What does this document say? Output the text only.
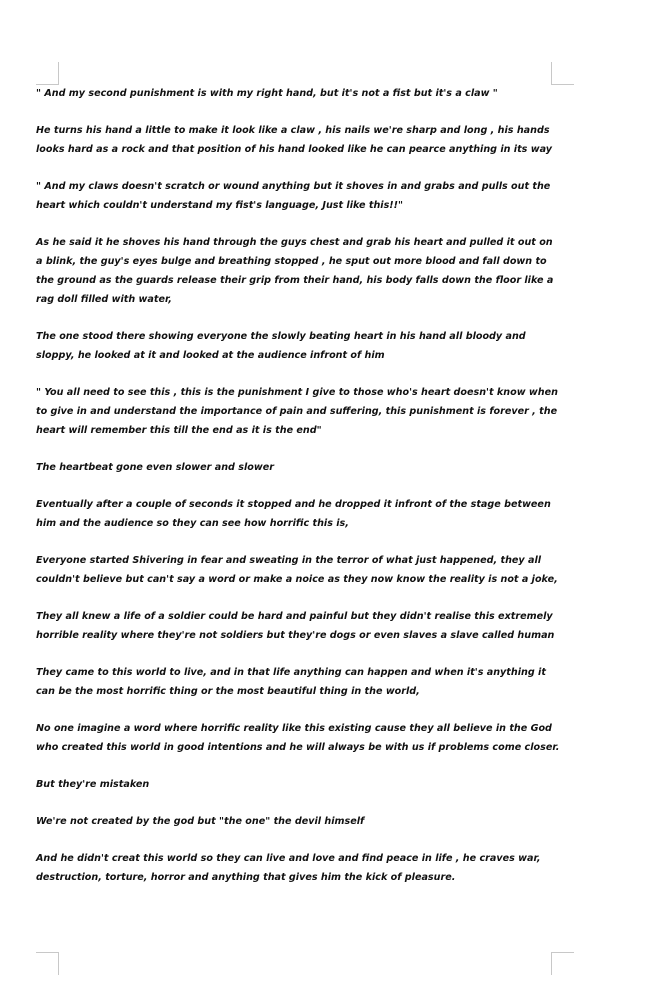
" And my second punishment is with my right hand, but it's not a fist but it's a claw "

He turns his hand a little to make it look like a claw , his nails we're sharp and long , his hands looks hard as a rock and that position of his hand looked like he can pearce anything in its way

" And my claws doesn't scratch or wound anything but it shoves in and grabs and pulls out the heart which couldn't understand my fist's language, Just like this!!"

As he said it he shoves his hand through the guys chest and grab his heart and pulled it out on a blink, the guy's eyes bulge and breathing stopped , he sput out more blood and fall down to the ground as the guards release their grip from their hand, his body falls down the floor like a rag doll filled with water,

The one stood there showing everyone the slowly beating heart in his hand all bloody and sloppy, he looked at it and looked at the audience infront of him

" You all need to see this , this is the punishment I give to those who's heart doesn't know when to give in and understand the importance of pain and suffering, this punishment is forever , the heart will remember this till the end as it is the end"

The heartbeat gone even slower and slower

Eventually after a couple of seconds it stopped and he dropped it infront of the stage between him and the audience so they can see how horrific this is,

Everyone started Shivering in fear and sweating in the terror of what just happened, they all couldn't believe but can't say a word or make a noice as they now know the reality is not a joke,

They all knew a life of a soldier could be hard and painful but they didn't realise this extremely horrible reality where they're not soldiers but they're dogs or even slaves a slave called human

They came to this world to live, and in that life anything can happen and when it's anything it can be the most horrific thing or the most beautiful thing in the world,

No one imagine a word where horrific reality like this existing cause they all believe in the God who created this world in good intentions and he will always be with us if problems come closer.

But they're mistaken

We're not created by the god but "the one" the devil himself

And he didn't creat this world so they can live and love and find peace in life , he craves war, destruction, torture, horror and anything that gives him the kick of pleasure.
